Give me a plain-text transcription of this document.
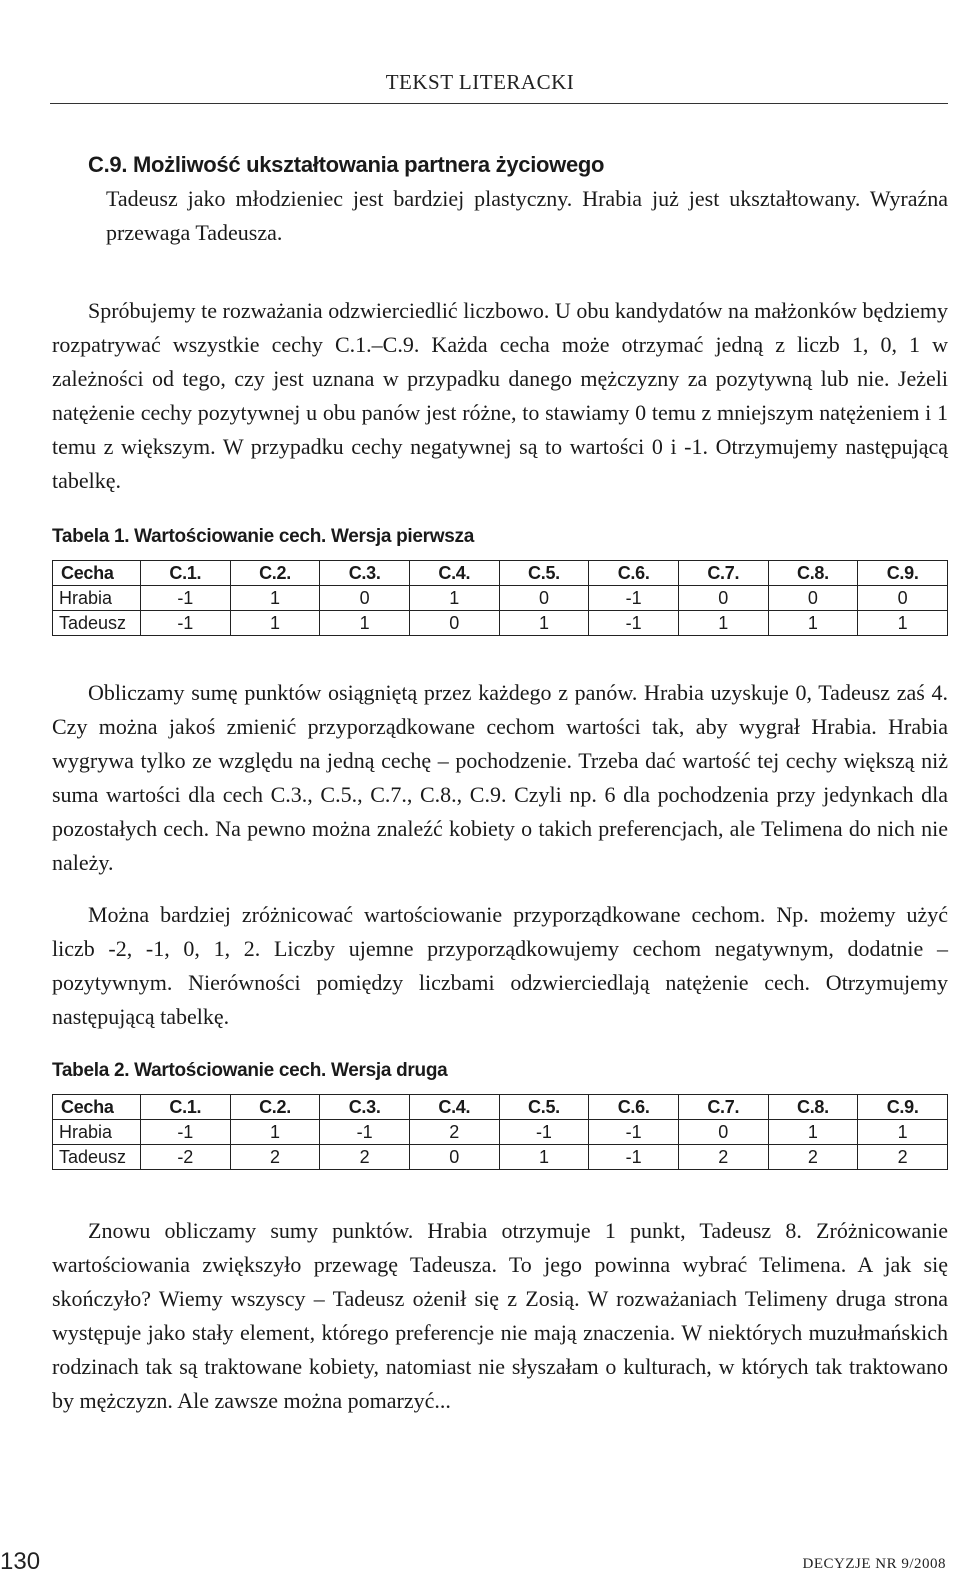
TEKST LITERACKI

C.9. Możliwość ukształtowania partnera życiowego

Tadeusz jako młodzieniec jest bardziej plastyczny. Hrabia już jest ukształtowany. Wyraźna przewaga Tadeusza.

Spróbujemy te rozważania odzwierciedlić liczbowo. U obu kandydatów na małżonków będziemy rozpatrywać wszystkie cechy C.1.–C.9. Każda cecha może otrzymać jedną z liczb 1, 0, 1 w zależności od tego, czy jest uznana w przypadku danego mężczyzny za pozytywną lub nie. Jeżeli natężenie cechy pozytywnej u obu panów jest różne, to stawiamy 0 temu z mniejszym natężeniem i 1 temu z większym. W przypadku cechy negatywnej są to wartości 0 i -1. Otrzymujemy następującą tabelkę.

Tabela 1. Wartościowanie cech. Wersja pierwsza

Cecha	C.1.	C.2.	C.3.	C.4.	C.5.	C.6.	C.7.	C.8.	C.9.
Hrabia	-1	1	0	1	0	-1	0	0	0
Tadeusz	-1	1	1	0	1	-1	1	1	1

Obliczamy sumę punktów osiągniętą przez każdego z panów. Hrabia uzyskuje 0, Tadeusz zaś 4. Czy można jakoś zmienić przyporządkowane cechom wartości tak, aby wygrał Hrabia. Hrabia wygrywa tylko ze względu na jedną cechę – pochodzenie. Trzeba dać wartość tej cechy większą niż suma wartości dla cech C.3., C.5., C.7., C.8., C.9. Czyli np. 6 dla pochodzenia przy jedynkach dla pozostałych cech. Na pewno można znaleźć kobiety o takich preferencjach, ale Telimena do nich nie należy.

Można bardziej zróżnicować wartościowanie przyporządkowane cechom. Np. możemy użyć liczb -2, -1, 0, 1, 2. Liczby ujemne przyporządkowujemy cechom negatywnym, dodatnie – pozytywnym. Nierówności pomiędzy liczbami odzwierciedlają natężenie cech. Otrzymujemy następującą tabelkę.

Tabela 2. Wartościowanie cech. Wersja druga

Cecha	C.1.	C.2.	C.3.	C.4.	C.5.	C.6.	C.7.	C.8.	C.9.
Hrabia	-1	1	-1	2	-1	-1	0	1	1
Tadeusz	-2	2	2	0	1	-1	2	2	2

Znowu obliczamy sumy punktów. Hrabia otrzymuje 1 punkt, Tadeusz 8. Zróżnicowanie wartościowania zwiększyło przewagę Tadeusza. To jego powinna wybrać Telimena. A jak się skończyło? Wiemy wszyscy – Tadeusz ożenił się z Zosią. W rozważaniach Telimeny druga strona występuje jako stały element, którego preferencje nie mają znaczenia. W niektórych muzułmańskich rodzinach tak są traktowane kobiety, natomiast nie słyszałam o kulturach, w których tak traktowano by mężczyzn. Ale zawsze można pomarzyć...

130	DECYZJE NR 9/2008
